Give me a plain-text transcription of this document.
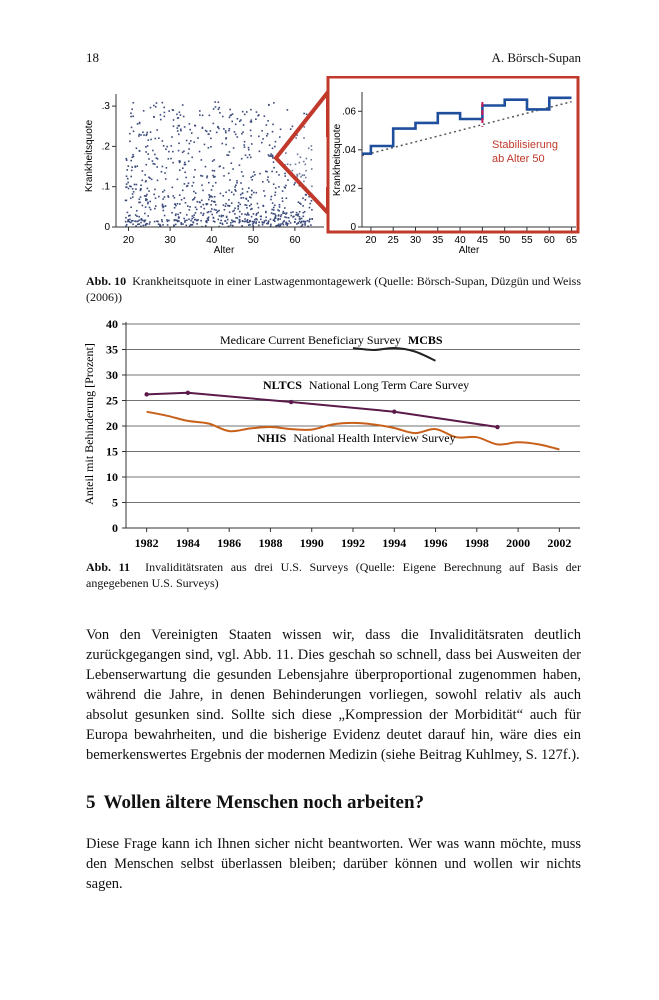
18	A. Börsch-Supan
0
.1
.2
.3
20	30	40	50	60
Krankheitsquote
Alter
0
.02
.04
.06
20 25 30 35 40 45 50 55 60 65
Stabilisierung
ab Alter 50
Krankheitsquote
Alter
Abb. 10 Krankheitsquote in einer Lastwagenmontagewerk (Quelle: Börsch-Supan, Düzgün und Weiss (2006))
0
5
10
15
20
25
30
35
40
1982 1984 1986 1988 1990 1992 1994 1996 1998 2000 2002
Anteil mit Behinderung [Prozent]
Medicare Current Beneficiary Survey MCBS
NLTCS National Long Term Care Survey
NHIS National Health Interview Survey
Abb. 11 Invaliditätsraten aus drei U.S. Surveys (Quelle: Eigene Berechnung auf Basis der angegebenen U.S. Surveys)

Von den Vereinigten Staaten wissen wir, dass die Invaliditätsraten deutlich zurückgegangen sind, vgl. Abb. 11. Dies geschah so schnell, dass bei Ausweiten der Lebenserwartung die gesunden Lebensjahre überproportional zugenommen haben, während die Jahre, in denen Behinderungen vorliegen, sowohl relativ als auch absolut gesunken sind. Sollte sich diese „Kompression der Morbidität“ auch für Europa bewahrheiten, und die bisherige Evidenz deutet darauf hin, wäre dies ein bemerkenswertes Ergebnis der modernen Medizin (siehe Beitrag Kuhlmey, S. 127f.).

5 Wollen ältere Menschen noch arbeiten?

Diese Frage kann ich Ihnen sicher nicht beantworten. Wer was wann möchte, muss den Menschen selbst überlassen bleiben; darüber können und wollen wir nichts sagen.
